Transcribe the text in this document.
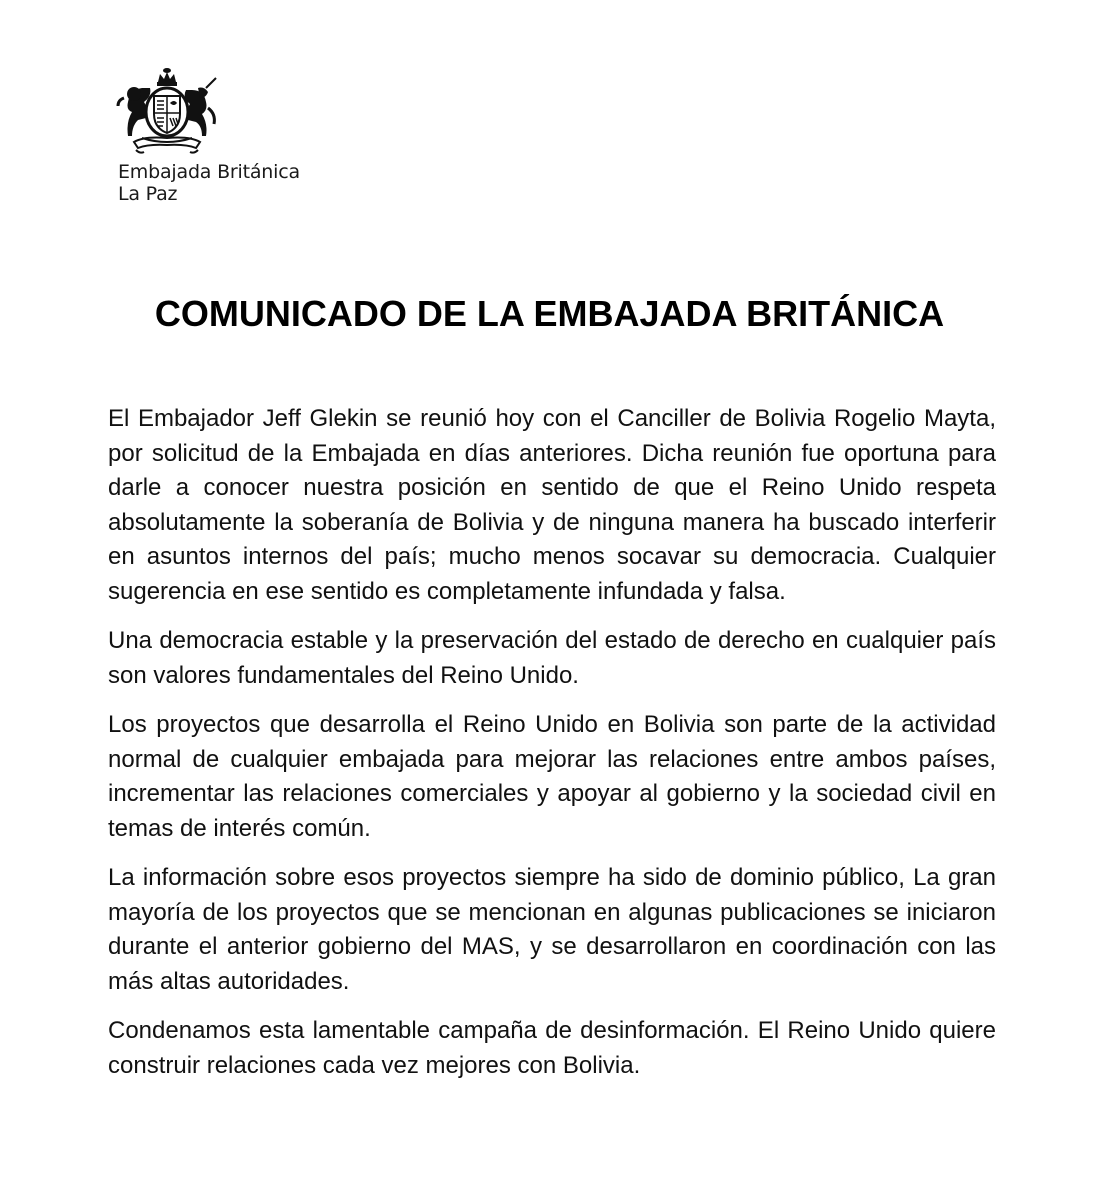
Embajada Británica
La Paz
COMUNICADO DE LA EMBAJADA BRITÁNICA

El Embajador Jeff Glekin se reunió hoy con el Canciller de Bolivia Rogelio Mayta, por solicitud de la Embajada en días anteriores. Dicha reunión fue oportuna para darle a conocer nuestra posición en sentido de que el Reino Unido respeta absolutamente la soberanía de Bolivia y de ninguna manera ha buscado interferir en asuntos internos del país; mucho menos socavar su democracia. Cualquier sugerencia en ese sentido es completamente infundada y falsa.

Una democracia estable y la preservación del estado de derecho en cualquier país son valores fundamentales del Reino Unido.

Los proyectos que desarrolla el Reino Unido en Bolivia son parte de la actividad normal de cualquier embajada para mejorar las relaciones entre ambos países, incrementar las relaciones comerciales y apoyar al gobierno y la sociedad civil en temas de interés común.

La información sobre esos proyectos siempre ha sido de dominio público, La gran mayoría de los proyectos que se mencionan en algunas publicaciones se iniciaron durante el anterior gobierno del MAS, y se desarrollaron en coordinación con las más altas autoridades.

Condenamos esta lamentable campaña de desinformación. El Reino Unido quiere construir relaciones cada vez mejores con Bolivia.
